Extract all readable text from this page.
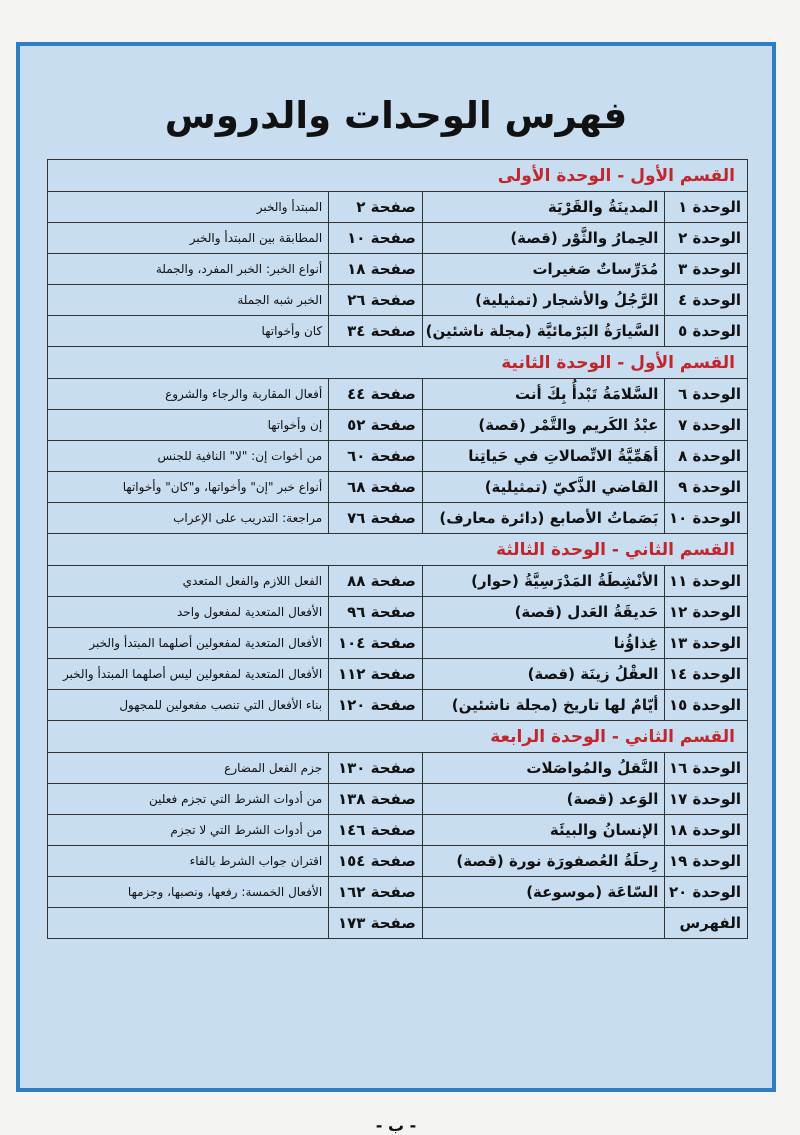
فهرس الوحدات والدروس
القسم الأول - الوحدة الأولى			
الوحدة ١	المدينَةُ والقَرْيَة	صفحة ٢	المبتدأ والخبر
الوحدة ٢	الحِمارُ والثَّوْر (قصة)	صفحة ١٠	المطابقة بين المبتدأ والخبر
الوحدة ٣	مُدَرِّساتٌ صَغيرات	صفحة ١٨	أنواع الخبر: الخبر المفرد، والجملة
الوحدة ٤	الرَّجُلُ والأشجار (تمثيلية)	صفحة ٢٦	الخبر شبه الجملة
الوحدة ٥	السَّيارَةُ البَرْمائيَّة (مجلة ناشئين)	صفحة ٣٤	كان وأخواتها
القسم الأول - الوحدة الثانية			
الوحدة ٦	السَّلامَةُ تَبْدأُ بِكَ أنت	صفحة ٤٤	أفعال المقاربة والرجاء والشروع
الوحدة ٧	عبْدُ الكَريم والتَّمْر (قصة)	صفحة ٥٢	إن وأخواتها
الوحدة ٨	أهَمِّيَّةُ الاتِّصالاتِ في حَياتِنا	صفحة ٦٠	من أخوات إن: "لا" النافية للجنس
الوحدة ٩	القاضي الذَّكيّ (تمثيلية)	صفحة ٦٨	أنواع خبر "إن" وأخواتها، و"كان" وأخواتها
الوحدة ١٠	بَصَماتُ الأصابع (دائرة معارف)	صفحة ٧٦	مراجعة: التدريب على الإعراب
القسم الثاني - الوحدة الثالثة			
الوحدة ١١	الأنْشِطَةُ المَدْرَسِيَّةُ (حوار)	صفحة ٨٨	الفعل اللازم والفعل المتعدي
الوحدة ١٢	حَديقَةُ العَدل (قصة)	صفحة ٩٦	الأفعال المتعدية لمفعول واحد
الوحدة ١٣	غِذاؤُنا	صفحة ١٠٤	الأفعال المتعدية لمفعولين أصلهما المبتدأ والخبر
الوحدة ١٤	العقْلُ زينَة (قصة)	صفحة ١١٢	الأفعال المتعدية لمفعولين ليس أصلهما المبتدأ والخبر
الوحدة ١٥	أيّامٌ لها تاريخ (مجلة ناشئين)	صفحة ١٢٠	بناء الأفعال التي تنصب مفعولين للمجهول
القسم الثاني - الوحدة الرابعة			
الوحدة ١٦	النَّقلُ والمُواصَلات	صفحة ١٣٠	جزم الفعل المضارع
الوحدة ١٧	الوَعد (قصة)	صفحة ١٣٨	من أدوات الشرط التي تجزم فعلين
الوحدة ١٨	الإنسانُ والبيئَة	صفحة ١٤٦	من أدوات الشرط التي لا تجزم
الوحدة ١٩	رِحلَةُ العُصفورَة نورة (قصة)	صفحة ١٥٤	اقتران جواب الشرط بالفاء
الوحدة ٢٠	السّاعَة (موسوعة)	صفحة ١٦٢	الأفعال الخمسة: رفعها، ونصبها، وجزمها
الفهرس		صفحة ١٧٣	
- ب -
